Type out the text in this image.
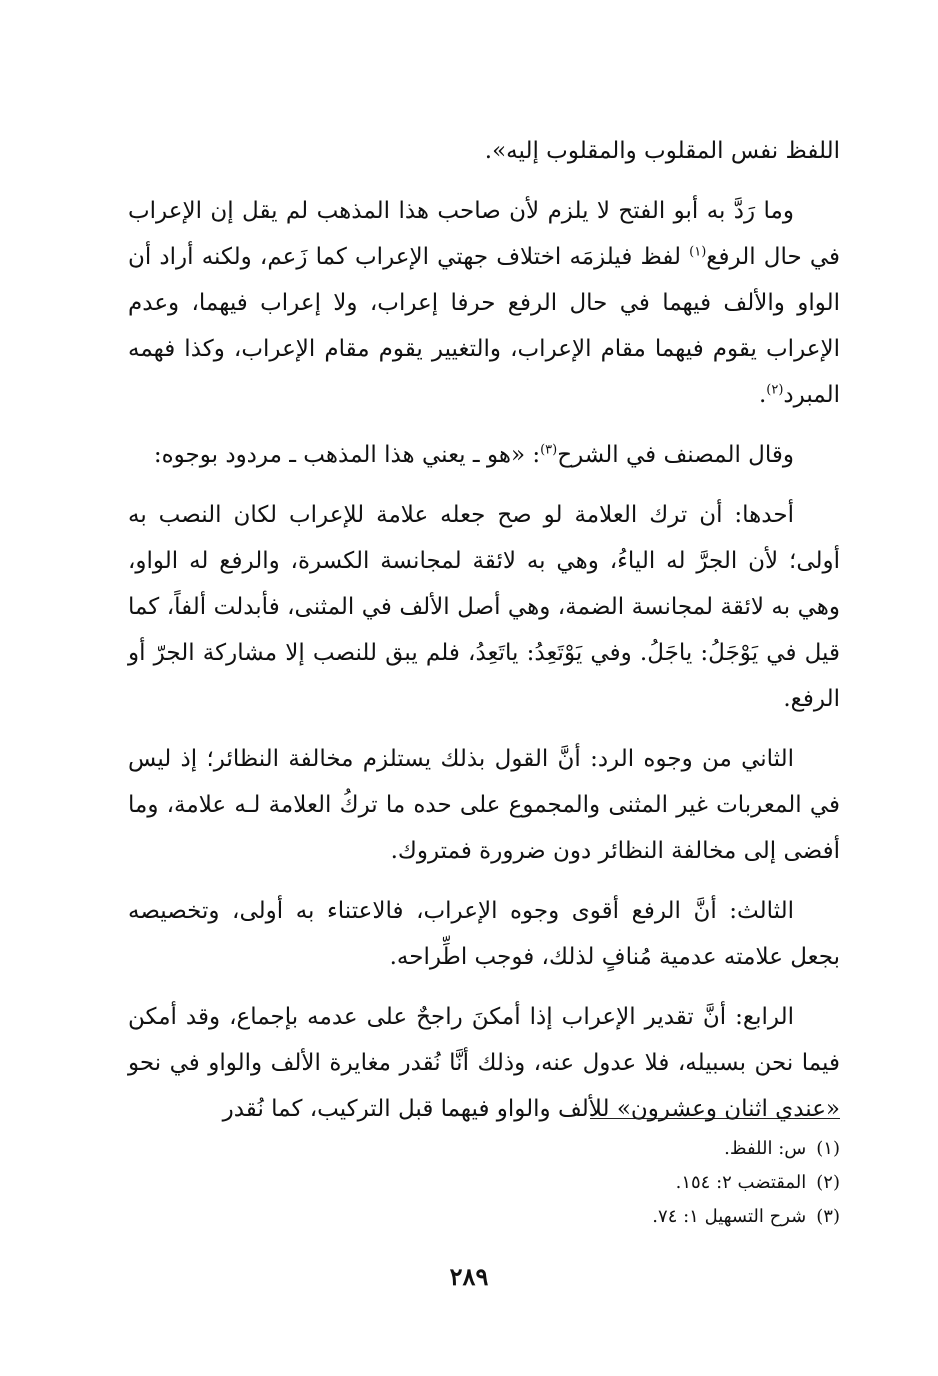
اللفظ نفس المقلوب والمقلوب إليه».

وما رَدَّ به أبو الفتح لا يلزم لأن صاحب هذا المذهب لم يقل إن الإعراب في حال الرفع$^{(١)}$ لفظ فيلزمَه اختلاف جهتي الإعراب كما زَعم، ولكنه أراد أن الواو والألف فيهما في حال الرفع حرفا إعراب، ولا إعراب فيهما، وعدم الإعراب يقوم فيهما مقام الإعراب، والتغيير يقوم مقام الإعراب، وكذا فهمه المبرد$^{(٢)}$.

وقال المصنف في الشرح$^{(٣)}$: «هو ـ يعني هذا المذهب ـ مردود بوجوه:

أحدها: أن ترك العلامة لو صح جعله علامة للإعراب لكان النصب به أولى؛ لأن الجرَّ له الياءُ، وهي به لائقة لمجانسة الكسرة، والرفع له الواو، وهي به لائقة لمجانسة الضمة، وهي أصل الألف في المثنى، فأبدلت ألفاً، كما قيل في يَوْجَلُ: ياجَلُ. وفي يَوْتَعِدُ: ياتَعِدُ، فلم يبق للنصب إلا مشاركة الجرّ أو الرفع.

الثاني من وجوه الرد: أنَّ القول بذلك يستلزم مخالفة النظائر؛ إذ ليس في المعربات غير المثنى والمجموع على حده ما تركُ العلامة لـه علامة، وما أفضى إلى مخالفة النظائر دون ضرورة فمتروك.

الثالث: أنَّ الرفع أقوى وجوه الإعراب، فالاعتناء به أولى، وتخصيصه بجعل علامته عدمية مُنافٍ لذلك، فوجب اطِّراحه.

الرابع: أنَّ تقدير الإعراب إذا أمكنَ راجحٌ على عدمه بإجماع، وقد أمكن فيما نحن بسبيله، فلا عدول عنه، وذلك أنَّا نُقدر مغايرة الألف والواو في نحو «عندي اثنان وعشرون» للألف والواو فيهما قبل التركيب، كما نُقدر

(١)س: اللفظ.
(٢)المقتضب ٢: ١٥٤.
(٣)شرح التسهيل ١: ٧٤.
٢٨٩
